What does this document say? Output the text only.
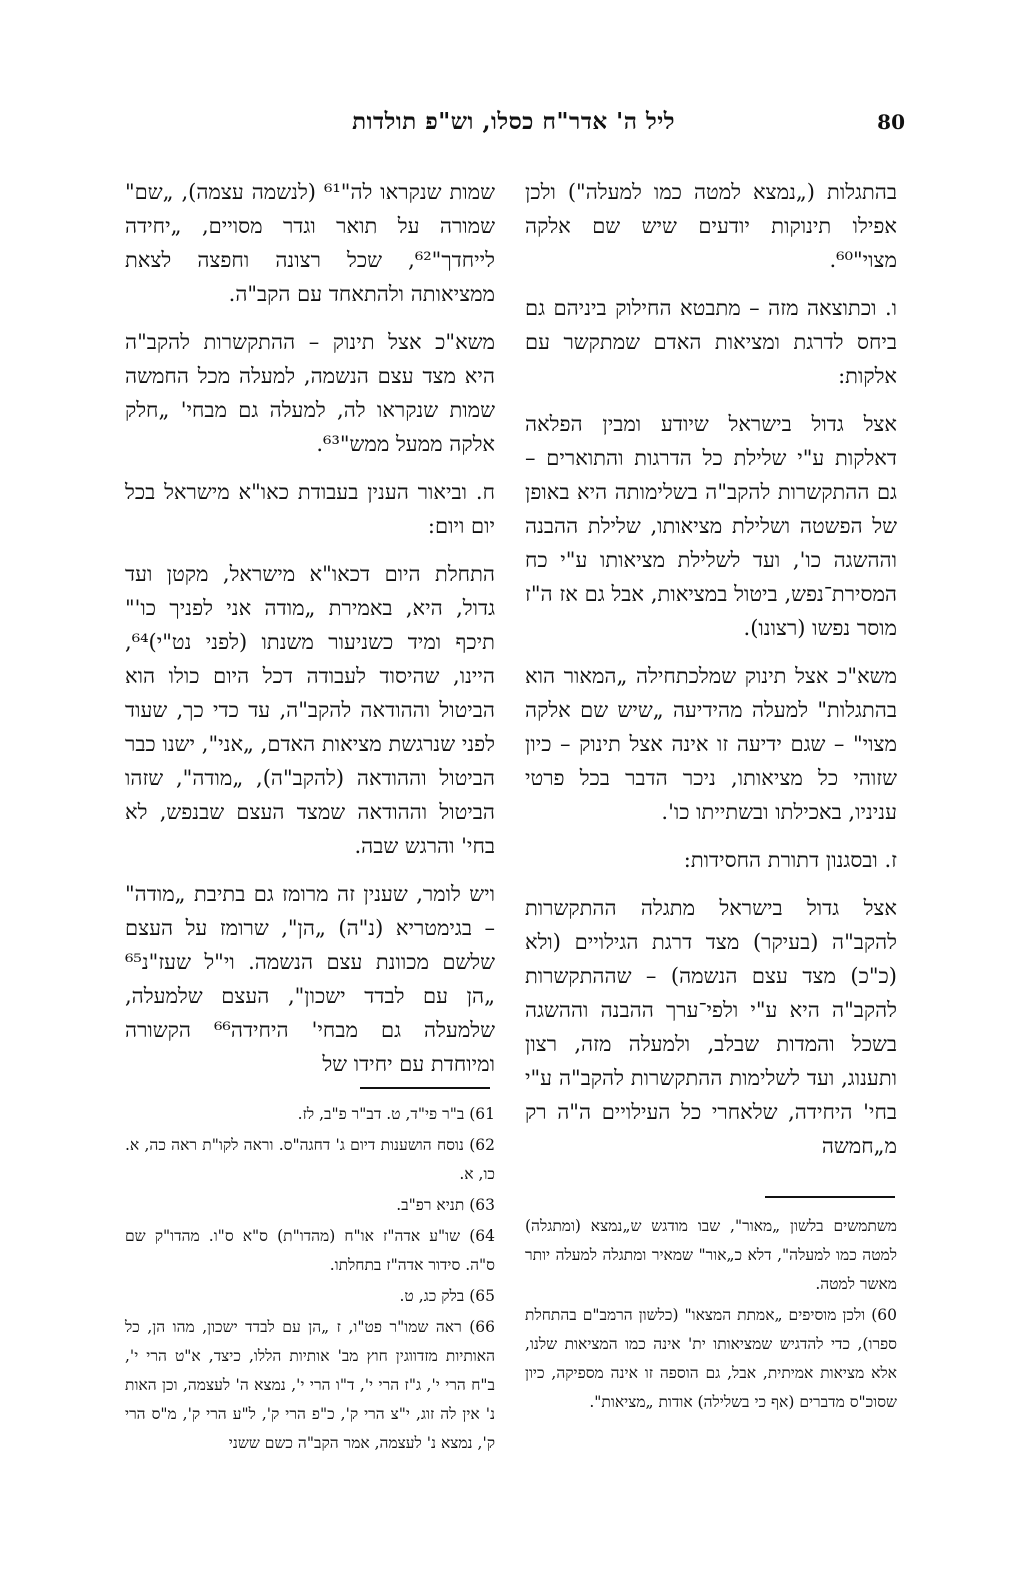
ליל ה' אדר"ח כסלו, וש"פ תולדות	80

בהתגלות („נמצא למטה כמו למעלה") ולכן אפילו תינוקות יודעים שיש שם אלקה מצוי"⁶⁰.

ו. וכתוצאה מזה – מתבטא החילוק ביניהם גם ביחס לדרגת ומציאות האדם שמתקשר עם אלקות:

אצל גדול בישראל שיודע ומבין הפלאה דאלקות ע"י שלילת כל הדרגות והתוארים – גם ההתקשרות להקב"ה בשלימותה היא באופן של הפשטה ושלילת מציאותו, שלילת ההבנה וההשגה כו', ועד לשלילת מציאותו ע"י כח המסירת־נפש, ביטול במציאות, אבל גם אז ה"ז מוסר נפשו (רצונו).

משא"כ אצל תינוק שמלכתחילה „המאור הוא בהתגלות" למעלה מהידיעה „שיש שם אלקה מצוי" – שגם ידיעה זו אינה אצל תינוק – כיון שזוהי כל מציאותו, ניכר הדבר בכל פרטי עניניו, באכילתו ובשתייתו כו'.

ז. ובסגנון דתורת החסידות:

אצל גדול בישראל מתגלה ההתקשרות להקב"ה (בעיקר) מצד דרגת הגילויים (ולא (כ"כ) מצד עצם הנשמה) – שההתקשרות להקב"ה היא ע"י ולפי־ערך ההבנה וההשגה בשכל והמדות שבלב, ולמעלה מזה, רצון ותענוג, ועד לשלימות ההתקשרות להקב"ה ע"י בחי' היחידה, שלאחרי כל העילויים ה"ה רק מ„חמשה

שמות שנקראו לה"⁶¹ (לנשמה עצמה), „שם" שמורה על תואר וגדר מסויים, „יחידה לייחדך"⁶², שכל רצונה וחפצה לצאת ממציאותה ולהתאחד עם הקב"ה.

משא"כ אצל תינוק – ההתקשרות להקב"ה היא מצד עצם הנשמה, למעלה מכל החמשה שמות שנקראו לה, למעלה גם מבחי' „חלק אלקה ממעל ממש"⁶³.

ח. וביאור הענין בעבודת כאו"א מישראל בכל יום ויום:

התחלת היום דכאו"א מישראל, מקטן ועד גדול, היא, באמירת „מודה אני לפניך כו'" תיכף ומיד כשניעור משנתו (לפני נט"י)⁶⁴, היינו, שהיסוד לעבודה דכל היום כולו הוא הביטול וההודאה להקב"ה, עד כדי כך, שעוד לפני שנרגשת מציאות האדם, „אני", ישנו כבר הביטול וההודאה (להקב"ה), „מודה", שזהו הביטול וההודאה שמצד העצם שבנפש, לא בחי' והרגש שבה.

ויש לומר, שענין זה מרומז גם בתיבת „מודה" – בגימטריא (נ"ה) „הן", שרומז על העצם שלשם מכוונת עצם הנשמה. וי"ל שעז"נ⁶⁵ „הן עם לבדד ישכון", העצם שלמעלה, שלמעלה גם מבחי' היחידה⁶⁶ הקשורה ומיוחדת עם יחידו של

משתמשים בלשון „מאור", שבו מודגש ש„נמצא (ומתגלה) למטה כמו למעלה", דלא כ„אור" שמאיר ומתגלה למעלה יותר מאשר למטה.

60) ולכן מוסיפים „אמתת המצאו" (כלשון הרמב"ם בהתחלת ספרו), כדי להדגיש שמציאותו ית' אינה כמו המציאות שלנו, אלא מציאות אמיתית, אבל, גם הוספה זו אינה מספיקה, כיון שסוכ"ס מדברים (אף כי בשלילה) אודות „מציאות".

61) ב"ר פי"ד, ט. דב"ר פ"ב, לז.

62) נוסח הושענות דיום ג' דחגה"ס. וראה לקו"ת ראה כה, א. כו, א.

63) תניא רפ"ב.

64) שו"ע אדה"ז או"ח (מהדו"ת) ס"א ס"ו. מהדו"ק שם ס"ה. סידור אדה"ז בתחלתו.

65) בלק כג, ט.

66) ראה שמו"ר פט"ו, ז „הן עם לבדד ישכון, מהו הן, כל האותיות מזדווגין חוץ מב' אותיות הללו, כיצד, א"ט הרי י', ב"ח הרי י', ג"ז הרי י', ד"ו הרי י', נמצא ה' לעצמה, וכן האות נ' אין לה זוג, י"צ הרי ק', כ"פ הרי ק', ל"ע הרי ק', מ"ס הרי ק', נמצא נ' לעצמה, אמר הקב"ה כשם ששני
